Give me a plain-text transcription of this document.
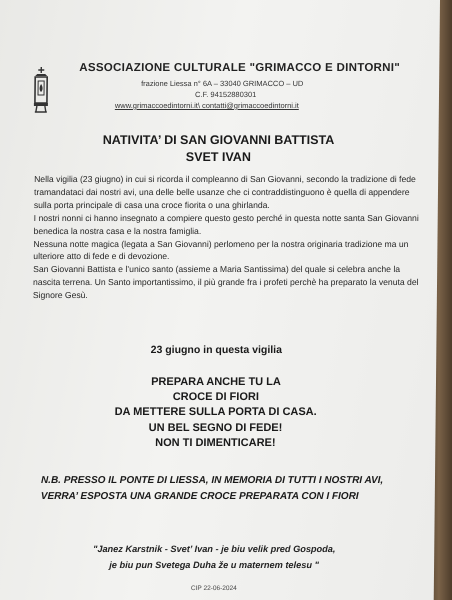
ASSOCIAZIONE CULTURALE "GRIMACCO E DINTORNI"
frazione Liessa n° 6A – 33040 GRIMACCO – UD
C.F. 94152880301
www.grimaccoedintorni.it\ contatti@grimaccoedintorni.it
NATIVITA’ DI SAN GIOVANNI BATTISTA
SVET IVAN

Nella vigilia (23 giugno) in cui si ricorda il compleanno di San Giovanni, secondo la tradizione di fede tramandataci dai nostri avi, una delle belle usanze che ci contraddistinguono è quella di appendere sulla porta principale di casa una croce fiorita o una ghirlanda.

I nostri nonni ci hanno insegnato a compiere questo gesto perché in questa notte santa San Giovanni benedica la nostra casa e la nostra famiglia.

Nessuna notte magica (legata a San Giovanni) perlomeno per la nostra originaria tradizione ma un ulteriore atto di fede e di devozione.

San Giovanni Battista e l’unico santo (assieme a Maria Santissima) del quale si celebra anche la nascita terrena. Un Santo importantissimo, il più grande fra i profeti perchè ha preparato la venuta del Signore Gesù.

23 giugno in questa vigilia
PREPARA ANCHE TU LA
CROCE DI FIORI
DA METTERE SULLA PORTA DI CASA.
UN BEL SEGNO DI FEDE!
NON TI DIMENTICARE!
N.B. PRESSO IL PONTE DI LIESSA, IN MEMORIA DI TUTTI I NOSTRI AVI, VERRA’ ESPOSTA UNA GRANDE CROCE PREPARATA CON I FIORI
"Janez Karstnik - Svet’ Ivan - je biu velik pred Gospoda,
je biu pun Svetega Duha že u maternem telesu "
CIP 22-06-2024
